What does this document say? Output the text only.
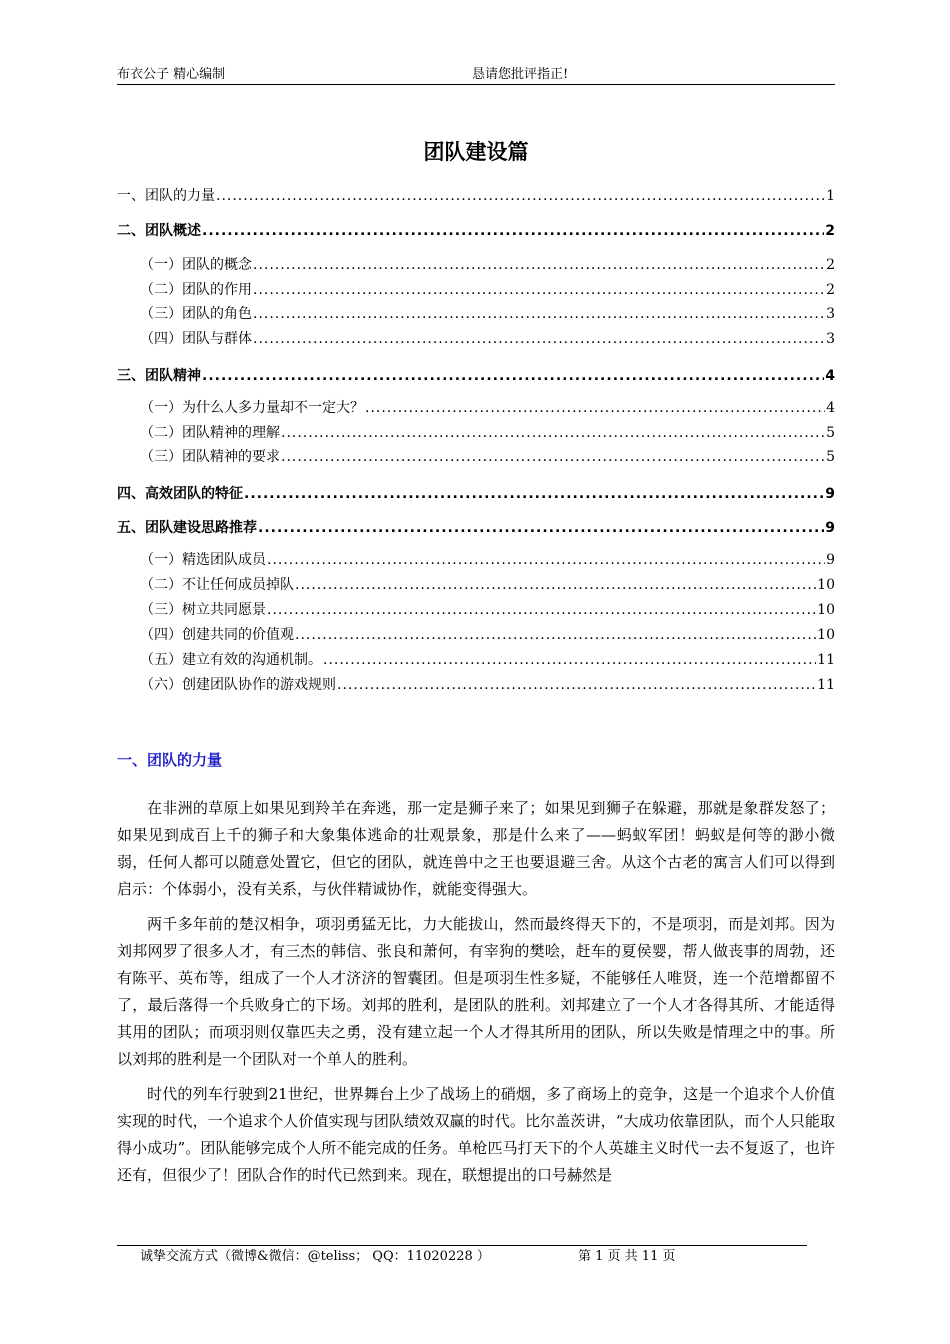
布衣公子 精心编制	恳请您批评指正!
团队建设篇
一、团队的力量 .....	1
二、团队概述 .....	2
（一）团队的概念 .....	2
（二）团队的作用 .....	2
（三）团队的角色 .....	3
（四）团队与群体 .....	3
三、团队精神 .....	4
（一）为什么人多力量却不一定大？ .....	4
（二）团队精神的理解 .....	5
（三）团队精神的要求 .....	5
四、高效团队的特征 .....	9
五、团队建设思路推荐 .....	9
（一）精选团队成员 .....	9
（二）不让任何成员掉队 .....	10
（三）树立共同愿景 .....	10
（四）创建共同的价值观 .....	10
（五）建立有效的沟通机制。 .....	11
（六）创建团队协作的游戏规则 .....	11
一、团队的力量

在非洲的草原上如果见到羚羊在奔逃，那一定是狮子来了；如果见到狮子在躲避，那就是象群发怒了；如果见到成百上千的狮子和大象集体逃命的壮观景象，那是什么来了——蚂蚁军团！蚂蚁是何等的渺小微弱，任何人都可以随意处置它，但它的团队，就连兽中之王也要退避三舍。从这个古老的寓言人们可以得到启示：个体弱小，没有关系，与伙伴精诚协作，就能变得强大。

两千多年前的楚汉相争，项羽勇猛无比，力大能拔山，然而最终得天下的，不是项羽，而是刘邦。因为刘邦网罗了很多人才，有三杰的韩信、张良和萧何，有宰狗的樊哙，赶车的夏侯婴，帮人做丧事的周勃，还有陈平、英布等，组成了一个人才济济的智囊团。但是项羽生性多疑，不能够任人唯贤，连一个范增都留不了，最后落得一个兵败身亡的下场。刘邦的胜利，是团队的胜利。刘邦建立了一个人才各得其所、才能适得其用的团队；而项羽则仅靠匹夫之勇，没有建立起一个人才得其所用的团队，所以失败是情理之中的事。所以刘邦的胜利是一个团队对一个单人的胜利。

时代的列车行驶到21世纪，世界舞台上少了战场上的硝烟，多了商场上的竞争，这是一个追求个人价值实现的时代，一个追求个人价值实现与团队绩效双赢的时代。比尔盖茨讲，“大成功依靠团队，而个人只能取得小成功”。团队能够完成个人所不能完成的任务。单枪匹马打天下的个人英雄主义时代一去不复返了，也许还有，但很少了！团队合作的时代已然到来。现在，联想提出的口号赫然是

诚挚交流方式（微博&微信：@teliss； QQ：11020228 ）	第 1 页 共 11 页
